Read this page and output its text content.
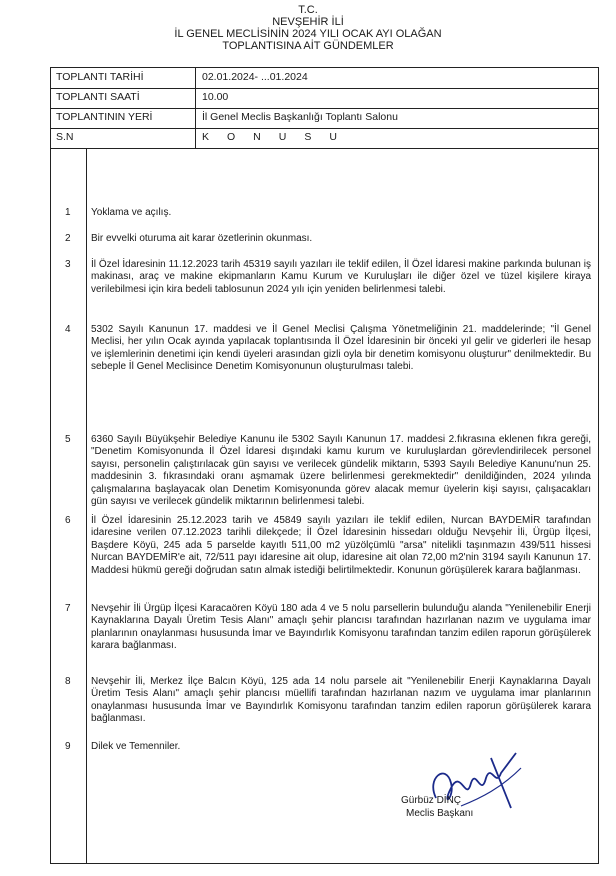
T.C.
NEVŞEHİR İLİ
İL GENEL MECLİSİNİN 2024 YILI OCAK AYI OLAĞAN
TOPLANTISINA AİT GÜNDEMLER
TOPLANTI TARİHİ	02.01.2024- ...01.2024
TOPLANTI SAATİ	10.00
TOPLANTININ YERİ	İl Genel Meclis Başkanlığı Toplantı Salonu
S.N	KONUSU
1 Yoklama ve açılış.
2 Bir evvelki oturuma ait karar özetlerinin okunması.
3 İl Özel İdaresinin 11.12.2023 tarih 45319 sayılı yazıları ile teklif edilen, İl Özel İdaresi makine parkında bulunan iş makinası, araç ve makine ekipmanların Kamu Kurum ve Kuruluşları ile diğer özel ve tüzel kişilere kiraya verilebilmesi için kira bedeli tablosunun 2024 yılı için yeniden belirlenmesi talebi.
4 5302 Sayılı Kanunun 17. maddesi ve İl Genel Meclisi Çalışma Yönetmeliğinin 21. maddelerinde; "İl Genel Meclisi, her yılın Ocak ayında yapılacak toplantısında İl Özel İdaresinin bir önceki yıl gelir ve giderleri ile hesap ve işlemlerinin denetimi için kendi üyeleri arasından gizli oyla bir denetim komisyonu oluşturur" denilmektedir. Bu sebeple İl Genel Meclisince Denetim Komisyonunun oluşturulması talebi.
5 6360 Sayılı Büyükşehir Belediye Kanunu ile 5302 Sayılı Kanunun 17. maddesi 2.fıkrasına eklenen fıkra gereği, "Denetim Komisyonunda İl Özel İdaresi dışındaki kamu kurum ve kuruluşlardan görevlendirilecek personel sayısı, personelin çalıştırılacak gün sayısı ve verilecek gündelik miktarın, 5393 Sayılı Belediye Kanunu'nun 25. maddesinin 3. fıkrasındaki oranı aşmamak üzere belirlenmesi gerekmektedir" denildiğinden, 2024 yılında çalışmalarına başlayacak olan Denetim Komisyonunda görev alacak memur üyelerin kişi sayısı, çalışacakları gün sayısı ve verilecek gündelik miktarının belirlenmesi talebi.
6 İl Özel İdaresinin 25.12.2023 tarih ve 45849 sayılı yazıları ile teklif edilen, Nurcan BAYDEMİR tarafından idaresine verilen 07.12.2023 tarihli dilekçede; İl Özel İdaresinin hissedarı olduğu Nevşehir İli, Ürgüp İlçesi, Başdere Köyü, 245 ada 5 parselde kayıtlı 511,00 m2 yüzölçümlü "arsa" nitelikli taşınmazın 439/511 hissesi Nurcan BAYDEMİR'e ait, 72/511 payı idaresine ait olup, idaresine ait olan 72,00 m2'nin 3194 sayılı Kanunun 17. Maddesi hükmü gereği doğrudan satın almak istediği belirtilmektedir. Konunun görüşülerek karara bağlanması.
7 Nevşehir İli Ürgüp İlçesi Karacaören Köyü 180 ada 4 ve 5 nolu parsellerin bulunduğu alanda "Yenilenebilir Enerji Kaynaklarına Dayalı Üretim Tesis Alanı" amaçlı şehir plancısı tarafından hazırlanan nazım ve uygulama imar planlarının onaylanması hususunda İmar ve Bayındırlık Komisyonu tarafından tanzim edilen raporun görüşülerek karara bağlanması.
8 Nevşehir İli, Merkez İlçe Balcın Köyü, 125 ada 14 nolu parsele ait "Yenilenebilir Enerji Kaynaklarına Dayalı Üretim Tesis Alanı" amaçlı şehir plancısı müellifi tarafından hazırlanan nazım ve uygulama imar planlarının onaylanması hususunda İmar ve Bayındırlık Komisyonu tarafından tanzim edilen raporun görüşülerek karara bağlanması.
9 Dilek ve Temenniler.
Gürbüz DİNÇ
Meclis Başkanı
